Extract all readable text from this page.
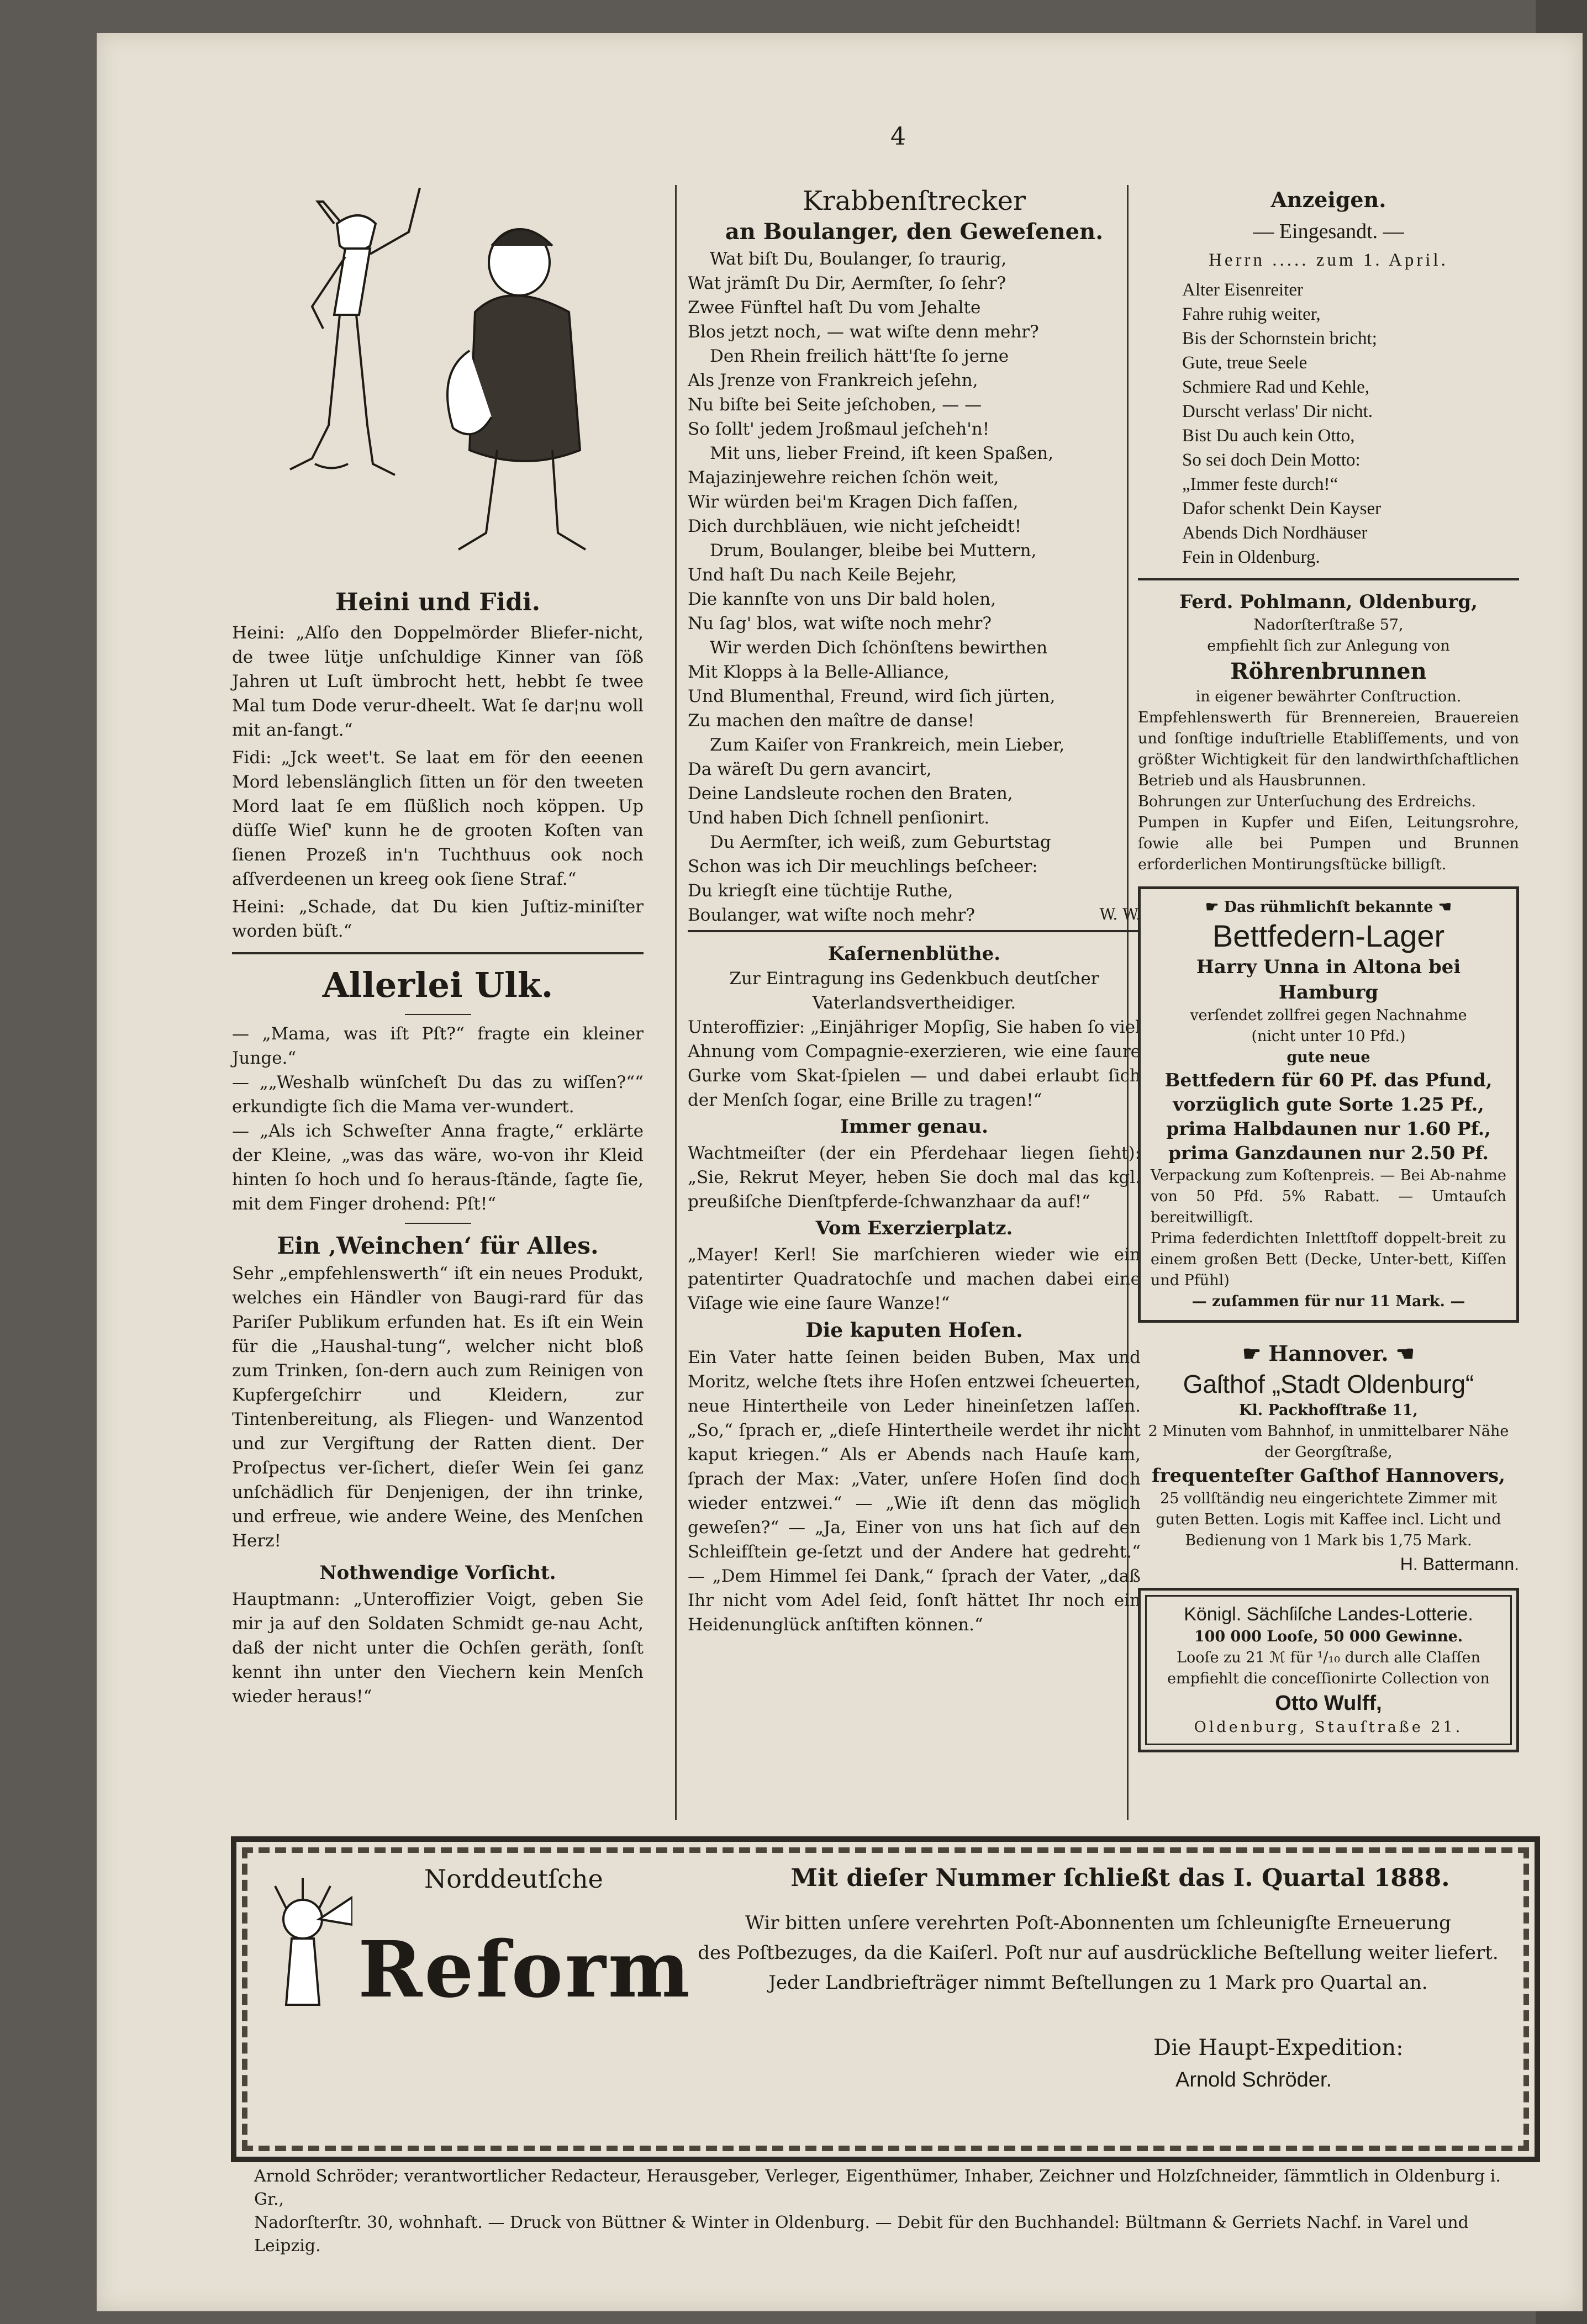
4
Heini und Fidi.

Heini: „Alſo den Doppelmörder Bliefer-nicht, de twee lütje unſchuldige Kinner van ſöß Jahren ut Luſt ümbrocht hett, hebbt ſe twee Mal tum Dode verur-dheelt. Wat ſe dar¦nu woll mit an-fangt.“

Fidi: „Jck weet't. Se laat em för den eeenen Mord lebenslänglich ſitten un för den tweeten Mord laat ſe em ſlüßlich noch köppen. Up düſſe Wieſ' kunn he de grooten Koſten van ſienen Prozeß in'n Tuchthuus ook noch aſſverdeenen un kreeg ook ſiene Straf.“

Heini: „Schade, dat Du kien Juſtiz-miniſter worden büſt.“

Allerlei Ulk.

— „Mama, was iſt Pſt?“ fragte ein kleiner Junge.“

— „„Weshalb wünſcheſt Du das zu wiſſen?““ erkundigte ſich die Mama ver-wundert.

— „Als ich Schweſter Anna fragte,“ erklärte der Kleine, „was das wäre, wo-von ihr Kleid hinten ſo hoch und ſo heraus-ſtände, ſagte ſie, mit dem Finger drohend: Pſt!“

Ein ‚Weinchen‘ für Alles.

Sehr „empfehlenswerth“ iſt ein neues Produkt, welches ein Händler von Baugi-rard für das Pariſer Publikum erfunden hat. Es iſt ein Wein für die „Haushal-tung“, welcher nicht bloß zum Trinken, ſon-dern auch zum Reinigen von Kupfergeſchirr und Kleidern, zur Tintenbereitung, als Fliegen- und Wanzentod und zur Vergiftung der Ratten dient. Der Proſpectus ver-ſichert, dieſer Wein ſei ganz unſchädlich für Denjenigen, der ihn trinke, und erfreue, wie andere Weine, des Menſchen Herz!

Nothwendige Vorſicht.

Hauptmann: „Unteroffizier Voigt, geben Sie mir ja auf den Soldaten Schmidt ge-nau Acht, daß der nicht unter die Ochſen geräth, ſonſt kennt ihn unter den Viechern kein Menſch wieder heraus!“

Krabbenſtrecker
an Boulanger, den Geweſenen.

Wat biſt Du, Boulanger, ſo traurig,

Wat jrämſt Du Dir, Aermſter, ſo ſehr?

Zwee Fünftel haſt Du vom Jehalte

Blos jetzt noch, — wat wiſte denn mehr?

Den Rhein freilich hätt'ſte ſo jerne

Als Jrenze von Frankreich jeſehn,

Nu biſte bei Seite jeſchoben, — —

So ſollt' jedem Jroßmaul jeſcheh'n!

Mit uns, lieber Freind, iſt keen Spaßen,

Majazinjewehre reichen ſchön weit,

Wir würden bei'm Kragen Dich faſſen,

Dich durchbläuen, wie nicht jeſcheidt!

Drum, Boulanger, bleibe bei Muttern,

Und haſt Du nach Keile Bejehr,

Die kannſte von uns Dir bald holen,

Nu ſag' blos, wat wiſte noch mehr?

Wir werden Dich ſchönſtens bewirthen

Mit Klopps à la Belle-Alliance,

Und Blumenthal, Freund, wird ſich jürten,

Zu machen den maître de danse!

Zum Kaiſer von Frankreich, mein Lieber,

Da wäreſt Du gern avancirt,

Deine Landsleute rochen den Braten,

Und haben Dich ſchnell penſionirt.

Du Aermſter, ich weiß, zum Geburtstag

Schon was ich Dir meuchlings beſcheer:

Du kriegſt eine tüchtije Ruthe,

Boulanger, wat wiſte noch mehr?	W. W.
Kaſernenblüthe.

Zur Eintragung ins Gedenkbuch deutſcher Vaterlandsvertheidiger.

Unteroffizier: „Einjähriger Mopſig, Sie haben ſo viel Ahnung vom Compagnie-exerzieren, wie eine ſaure Gurke vom Skat-ſpielen — und dabei erlaubt ſich der Menſch ſogar, eine Brille zu tragen!“

Immer genau.

Wachtmeiſter (der ein Pferdehaar liegen ſieht): „Sie, Rekrut Meyer, heben Sie doch mal das kgl. preußiſche Dienſtpferde-ſchwanzhaar da auf!“

Vom Exerzierplatz.

„Mayer! Kerl! Sie marſchieren wieder wie ein patentirter Quadratochſe und machen dabei eine Viſage wie eine ſaure Wanze!“

Die kaputen Hoſen.

Ein Vater hatte ſeinen beiden Buben, Max und Moritz, welche ſtets ihre Hoſen entzwei ſcheuerten, neue Hinterthеile von Leder hineinſetzen laſſen. „So,“ ſprach er, „dieſe Hintertheile werdet ihr nicht kaput kriegen.“ Als er Abends nach Hauſe kam, ſprach der Max: „Vater, unſere Hoſen ſind doch wieder entzwei.“ — „Wie iſt denn das möglich geweſen?“ — „Ja, Einer von uns hat ſich auf den Schleifſtein ge-ſetzt und der Andere hat gedreht.“ — „Dem Himmel ſei Dank,“ ſprach der Vater, „daß Ihr nicht vom Adel ſeid, ſonſt hättet Ihr noch ein Heidenunglück anſtiften können.“

Anzeigen.
— Eingesandt. —
Herrn ..... zum 1. April.
Alter Eisenreiter
Fahre ruhig weiter,
Bis der Schornstein bricht;
Gute, treue Seele
Schmiere Rad und Kehle,
Durscht verlass' Dir nicht.
Bist Du auch kein Otto,
So sei doch Dein Motto:
„Immer feste durch!“
Dafor schenkt Dein Kayser
Abends Dich Nordhäuser
Fein in Oldenburg.
Ferd. Pohlmann, Oldenburg,
Nadorſterſtraße 57,
empfiehlt ſich zur Anlegung von
Röhrenbrunnen

in eigener bewährter Conſtruction.

Empfehlenswerth für Brennereien, Brauereien und ſonſtige induſtrielle Etabliſſements, und von größter Wichtigkeit für den landwirthſchaftlichen Betrieb und als Hausbrunnen.

Bohrungen zur Unterſuchung des Erdreichs.

Pumpen in Kupfer und Eiſen, Leitungsrohre, ſowie alle bei Pumpen und Brunnen erforderlichen Montirungsſtücke billigſt.

☛ Das rühmlichſt bekannte ☚
Bettfedern-Lager
Harry Unna in Altona bei Hamburg
verſendet zollfrei gegen Nachnahme
(nicht unter 10 Pfd.)
gute neue
Bettfedern für 60 Pf. das Pfund,
vorzüglich gute Sorte 1.25 Pf.,
prima Halbdaunen nur 1.60 Pf.,
prima Ganzdaunen nur 2.50 Pf.

Verpackung zum Koſtenpreis. — Bei Ab-nahme von 50 Pfd. 5% Rabatt. — Umtauſch bereitwilligſt.

Prima federdichten Inlettſtoff doppelt-breit zu einem großen Bett (Decke, Unter-bett, Kiſſen und Pfühl)

— zuſammen für nur 11 Mark. —
☛ Hannover. ☚
Gaſthof „Stadt Oldenburg“
Kl. Packhofſtraße 11,

2 Minuten vom Bahnhof, in unmittelbarer Nähe der Georgſtraße,

frequenteſter Gaſthof Hannovers,

25 vollſtändig neu eingerichtete Zimmer mit guten Betten. Logis mit Kaffee incl. Licht und Bedienung von 1 Mark bis 1,75 Mark.

H. Battermann.
Königl. Sächſiſche Landes-Lotterie.
100 000 Looſe, 50 000 Gewinne.

Looſe zu 21 ℳ für ¹/₁₀ durch alle Claſſen empfiehlt die conceſſionirte Collection von

Otto Wulff,
Oldenburg, Stauſtraße 21.
Norddeutſche
Reform
Mit dieſer Nummer ſchließt das I. Quartal 1888.
Wir bitten unſere verehrten Poſt-Abonnenten um ſchleunigſte Erneuerung
des Poſtbezuges, da die Kaiſerl. Poſt nur auf ausdrückliche Beſtellung weiter liefert.
Jeder Landbriefträger nimmt Beſtellungen zu 1 Mark pro Quartal an.
Die Haupt-Expedition:
Arnold Schröder.
Arnold Schröder; verantwortlicher Redacteur, Herausgeber, Verleger, Eigenthümer, Inhaber, Zeichner und Holzſchneider, ſämmtlich in Oldenburg i. Gr.,
Nadorſterſtr. 30, wohnhaft. — Druck von Büttner & Winter in Oldenburg. — Debit für den Buchhandel: Bültmann & Gerriets Nachf. in Varel und Leipzig.
